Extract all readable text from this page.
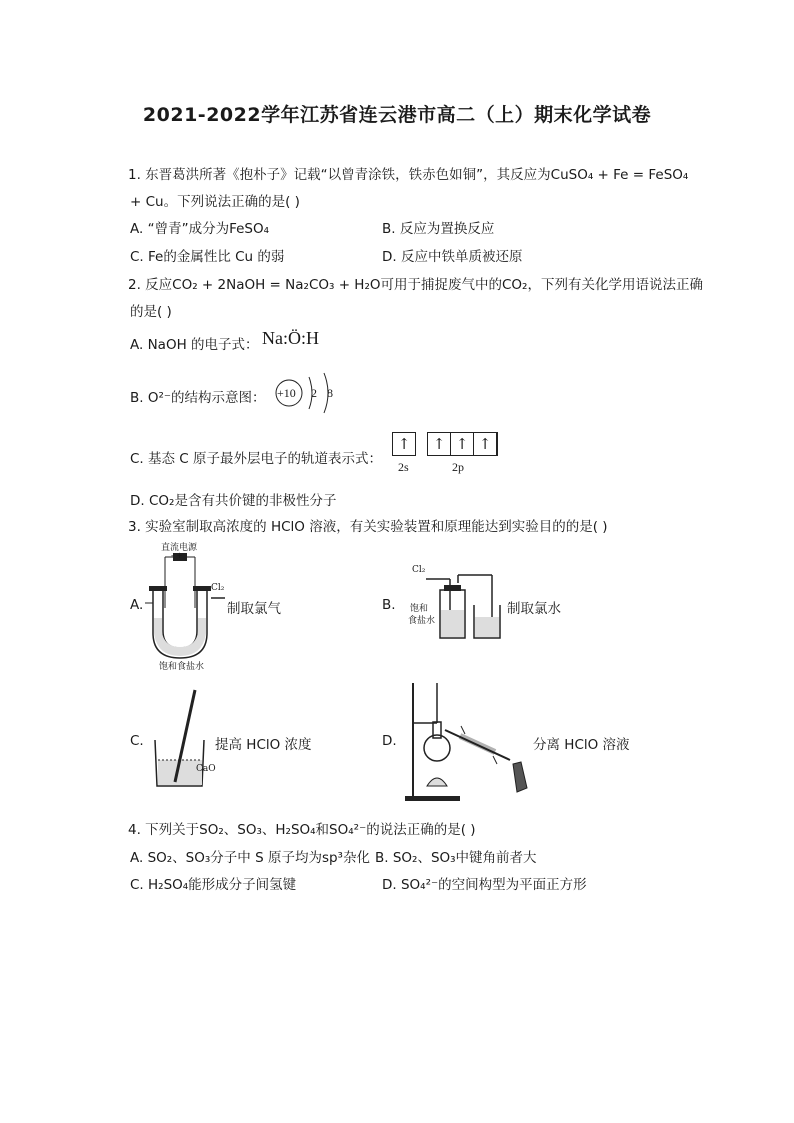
2021-2022学年江苏省连云港市高二（上）期末化学试卷
1. 东晋葛洪所著《抱朴子》记载“以曾青涂铁，铁赤色如铜”，其反应为CuSO₄ + Fe = FeSO₄
+ Cu。下列说法正确的是( )
A. “曾青”成分为FeSO₄	B. 反应为置换反应
C. Fe的金属性比 Cu 的弱	D. 反应中铁单质被还原
2. 反应CO₂ + 2NaOH = Na₂CO₃ + H₂O可用于捕捉废气中的CO₂，下列有关化学用语说法正确
的是( )
A. NaOH 的电子式： Na:Ö:H
B. O²⁻的结构示意图： +10 2 8
C. 基态 C 原子最外层电子的轨道表示式：
↑	↑ ↑ ↑
2s	2p
D. CO₂是含有共价键的非极性分子
3. 实验室制取高浓度的 HClO 溶液，有关实验装置和原理能达到实验目的的是( )
A.
直流电源
- +
Cl₂
饱和食盐水
制取氯气	B.
Cl₂
饱和
食盐水
制取氯水
C.
CaO
提高 HClO 浓度	D.	分离 HClO 溶液
4. 下列关于SO₂、SO₃、H₂SO₄和SO₄²⁻的说法正确的是( )
A. SO₂、SO₃分子中 S 原子均为sp³杂化 B. SO₂、SO₃中键角前者大
C. H₂SO₄能形成分子间氢键	D. SO₄²⁻的空间构型为平面正方形
